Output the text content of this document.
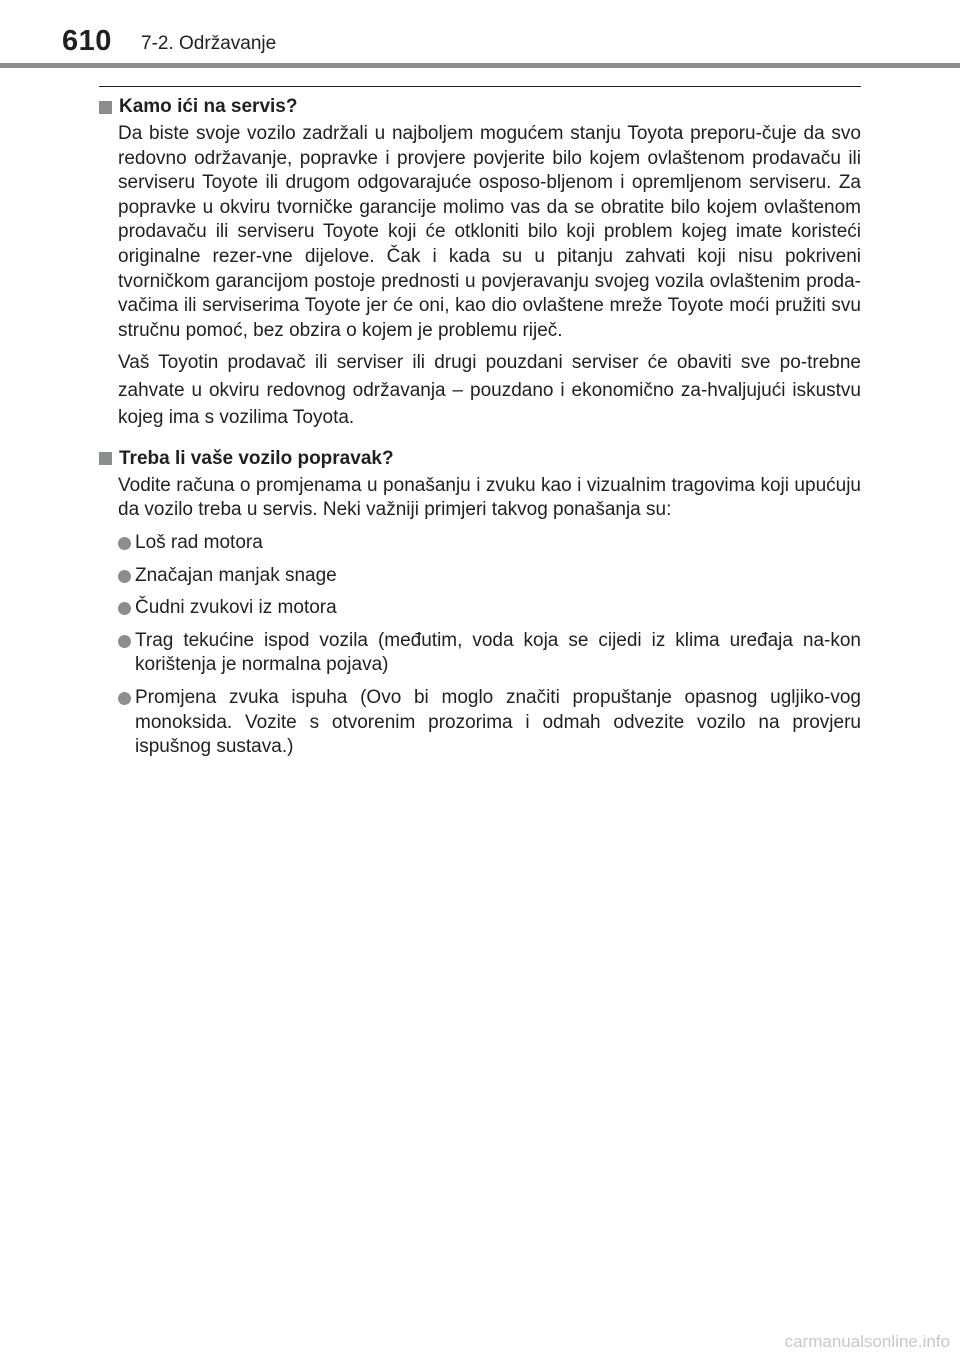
610 7-2. Održavanje
Kamo ići na servis?

Da biste svoje vozilo zadržali u najboljem mogućem stanju Toyota preporu-čuje da svo redovno održavanje, popravke i provjere povjerite bilo kojem ovlaštenom prodavaču ili serviseru Toyote ili drugom odgovarajuće osposo-bljenom i opremljenom serviseru. Za popravke u okviru tvorničke garancije molimo vas da se obratite bilo kojem ovlaštenom prodavaču ili serviseru Toyote koji će otkloniti bilo koji problem kojeg imate koristeći originalne rezer-vne dijelove. Čak i kada su u pitanju zahvati koji nisu pokriveni tvorničkom garancijom postoje prednosti u povjeravanju svojeg vozila ovlaštenim proda-vačima ili serviserima Toyote jer će oni, kao dio ovlaštene mreže Toyote moći pružiti svu stručnu pomoć, bez obzira o kojem je problemu riječ.

Vaš Toyotin prodavač ili serviser ili drugi pouzdani serviser će obaviti sve po-trebne zahvate u okviru redovnog održavanja – pouzdano i ekonomično za-hvaljujući iskustvu kojeg ima s vozilima Toyota.

Treba li vaše vozilo popravak?

Vodite računa o promjenama u ponašanju i zvuku kao i vizualnim tragovima koji upućuju da vozilo treba u servis. Neki važniji primjeri takvog ponašanja su:

Loš rad motora
Značajan manjak snage
Čudni zvukovi iz motora
Trag tekućine ispod vozila (međutim, voda koja se cijedi iz klima uređaja na-kon korištenja je normalna pojava)
Promjena zvuka ispuha (Ovo bi moglo značiti propuštanje opasnog ugljiko-vog monoksida. Vozite s otvorenim prozorima i odmah odvezite vozilo na provjeru ispušnog sustava.)
carmanualsonline.info
